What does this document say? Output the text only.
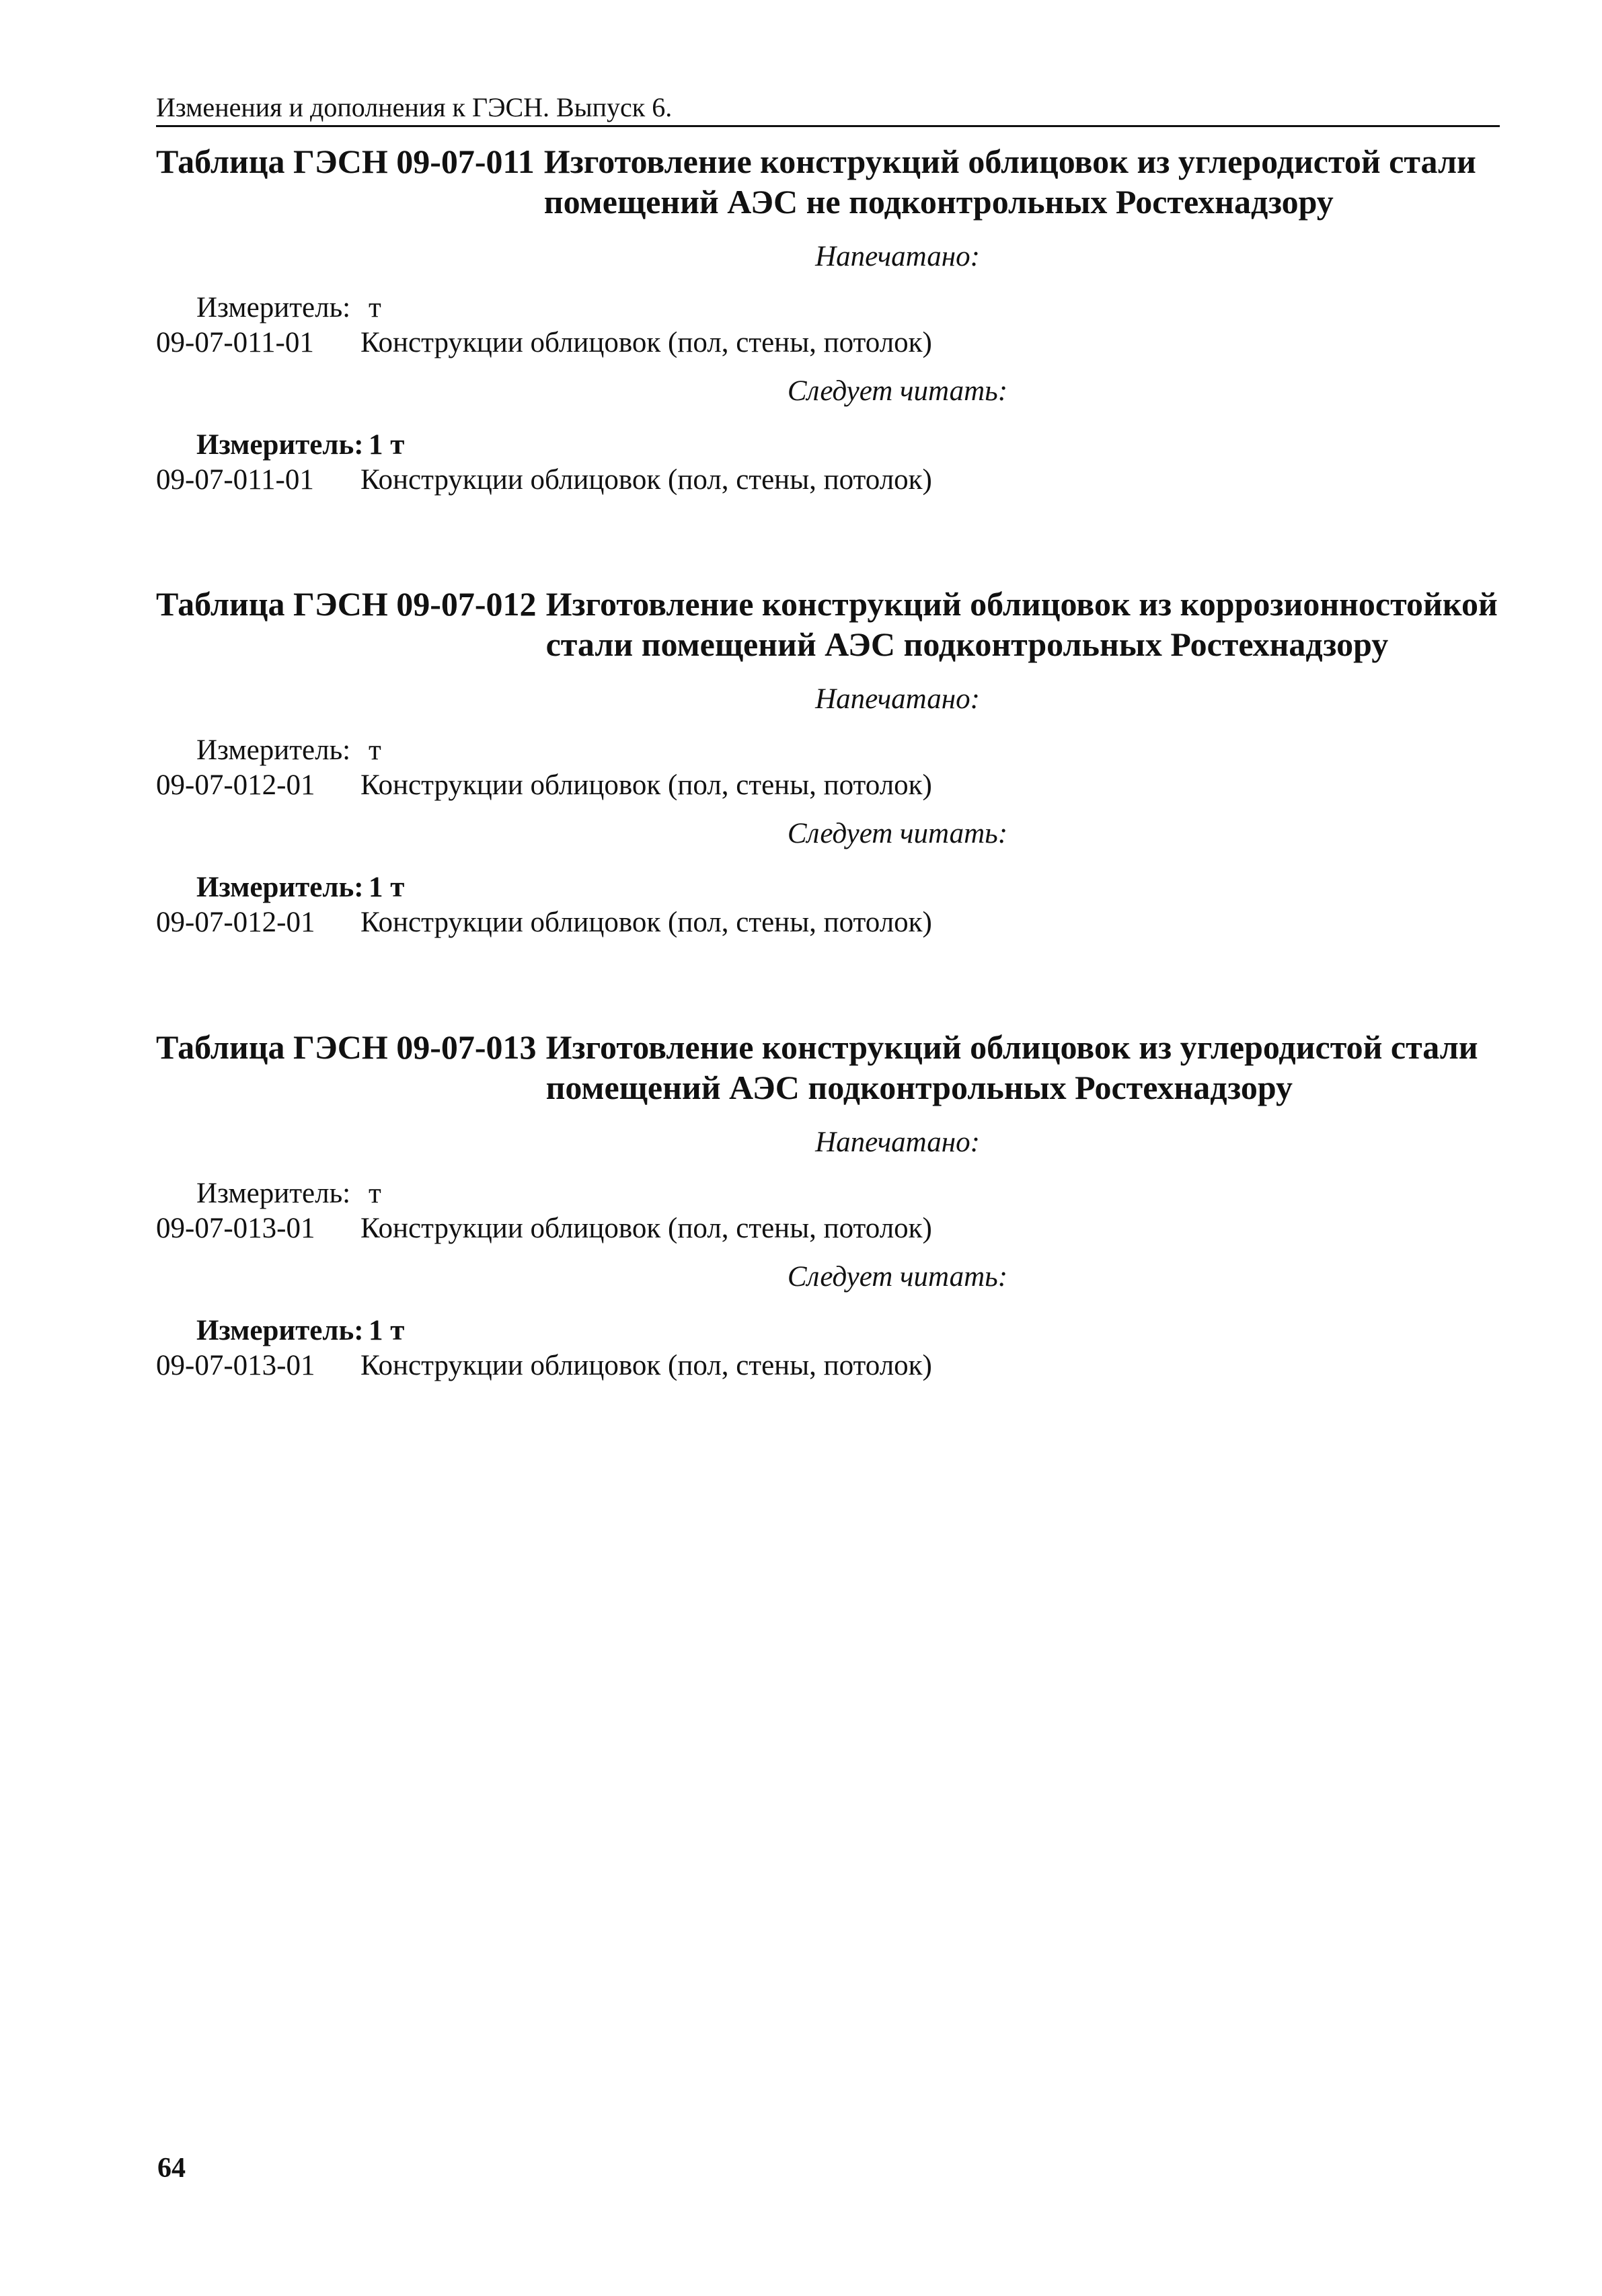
Изменения и дополнения к ГЭСН. Выпуск 6.
Таблица ГЭСН 09-07-011 Изготовление конструкций облицовок из углеродистой стали
помещений АЭС не подконтрольных Ростехнадзору
Напечатано:
Измеритель: т
09-07-011-01 Конструкции облицовок (пол, стены, потолок)
Следует читать:
Измеритель: 1 т
09-07-011-01 Конструкции облицовок (пол, стены, потолок)
Таблица ГЭСН 09-07-012 Изготовление конструкций облицовок из коррозионностойкой
стали помещений АЭС подконтрольных Ростехнадзору
Напечатано:
Измеритель: т
09-07-012-01 Конструкции облицовок (пол, стены, потолок)
Следует читать:
Измеритель: 1 т
09-07-012-01 Конструкции облицовок (пол, стены, потолок)
Таблица ГЭСН 09-07-013 Изготовление конструкций облицовок из углеродистой стали
помещений АЭС подконтрольных Ростехнадзору
Напечатано:
Измеритель: т
09-07-013-01 Конструкции облицовок (пол, стены, потолок)
Следует читать:
Измеритель: 1 т
09-07-013-01 Конструкции облицовок (пол, стены, потолок)
64
